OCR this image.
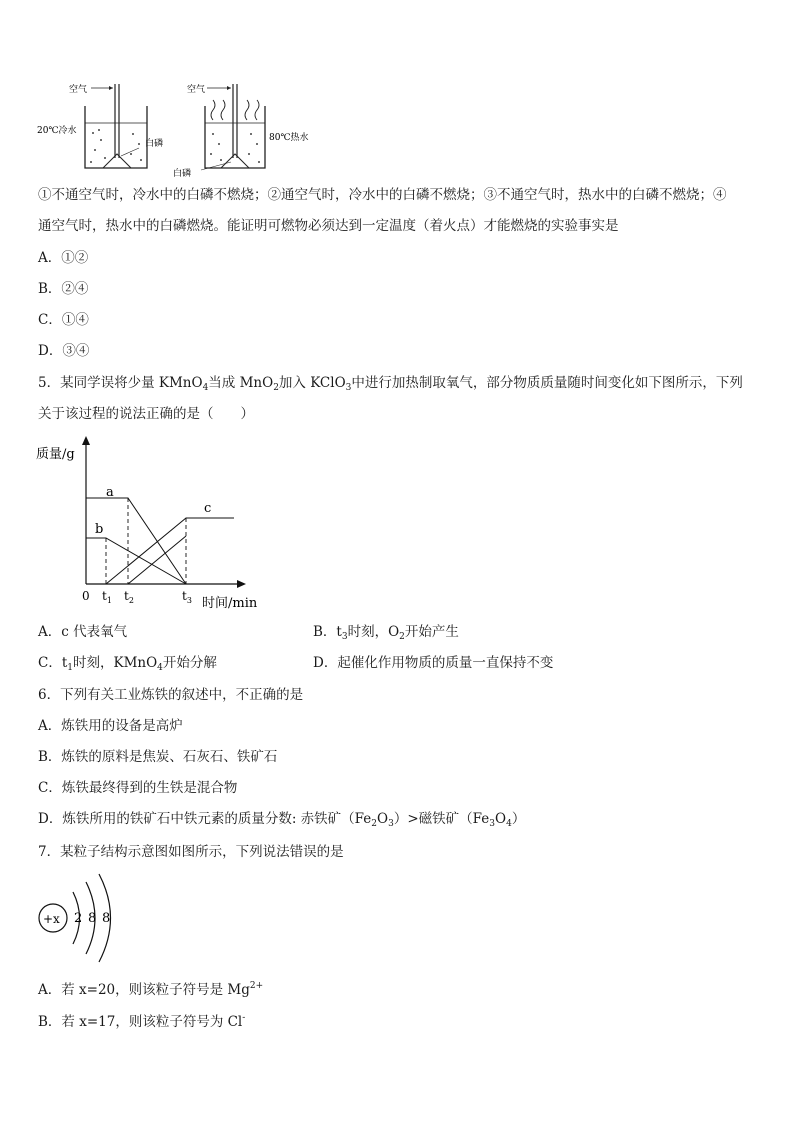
空气
20℃冷水
白磷
空气
80℃热水
白磷
①不通空气时，冷水中的白磷不燃烧；②通空气时，冷水中的白磷不燃烧；③不通空气时，热水中的白磷不燃烧；④
通空气时，热水中的白磷燃烧。能证明可燃物必须达到一定温度（着火点）才能燃烧的实验事实是
A．①②
B．②④
C．①④
D．③④
5．某同学误将少量 KMnO$_4$当成 MnO$_2$加入 KClO$_3$中进行加热制取氧气，部分物质质量随时间变化如下图所示，下列
关于该过程的说法正确的是（　　）
质量/g
a
b
c
0 $t_1$ $t_2$	$t_3$ 时间/min
A．c 代表氧气	B．$t_3$时刻，$O_2$开始产生
C．$t_1$时刻，KMnO$_4$开始分解	D．起催化作用物质的质量一直保持不变
6．下列有关工业炼铁的叙述中，不正确的是
A．炼铁用的设备是高炉
B．炼铁的原料是焦炭、石灰石、铁矿石
C．炼铁最终得到的生铁是混合物
D．炼铁所用的铁矿石中铁元素的质量分数: 赤铁矿$(Fe_2O_3)>$磁铁矿$(Fe_3O_4)$
7．某粒子结构示意图如图所示，下列说法错误的是
+x 2 8 8
A．若 x=20，则该粒子符号是 $Mg^{2+}$
B．若 x=17，则该粒子符号为 Cl-
